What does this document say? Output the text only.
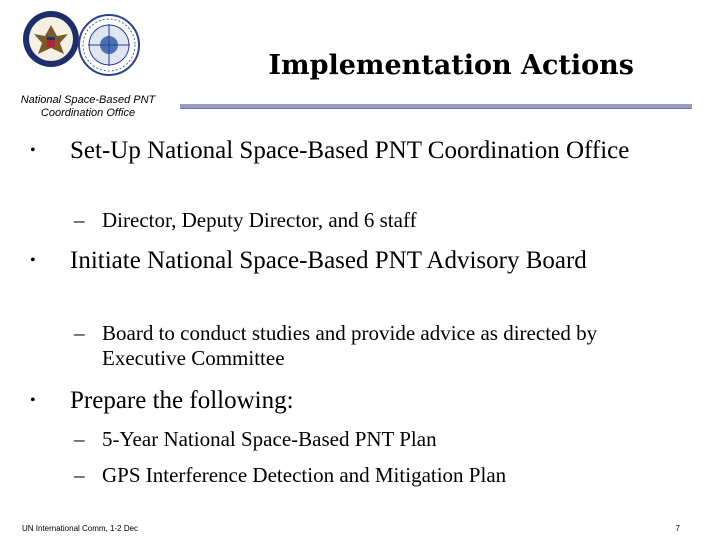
Implementation Actions
National Space-Based PNT Coordination Office
•	Set-Up National Space-Based PNT Coordination Office
– Director, Deputy Director, and 6 staff
•	Initiate National Space-Based PNT Advisory Board
– Board to conduct studies and provide advice as directed by Executive Committee
•	Prepare the following:
– 5-Year National Space-Based PNT Plan
– GPS Interference Detection and Mitigation Plan
UN International Comm, 1-2 Dec	7
